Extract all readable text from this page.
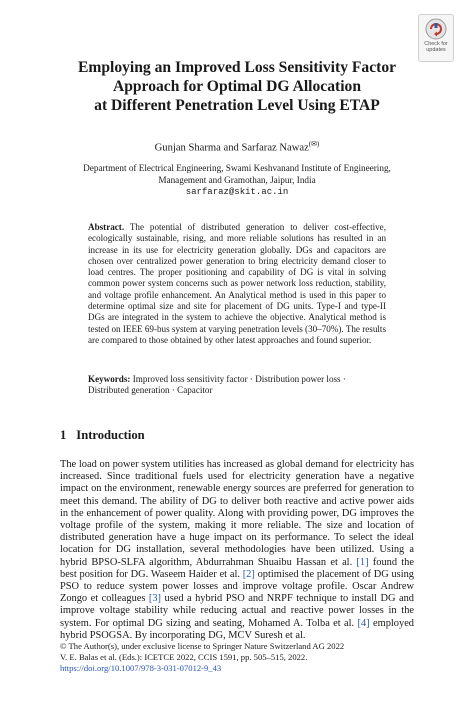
Check for
updates
Employing an Improved Loss Sensitivity Factor
Approach for Optimal DG Allocation
at Different Penetration Level Using ETAP
Gunjan Sharma and Sarfaraz Nawaz(✉)
Department of Electrical Engineering, Swami Keshvanand Institute of Engineering,
Management and Gramothan, Jaipur, India
sarfaraz@skit.ac.in
Abstract. The potential of distributed generation to deliver cost-effective, ecologically sustainable, rising, and more reliable solutions has resulted in an increase in its use for electricity generation globally. DGs and capacitors are chosen over centralized power generation to bring electricity demand closer to load centres. The proper positioning and capability of DG is vital in solving common power system concerns such as power network loss reduction, stability, and voltage profile enhancement. An Analytical method is used in this paper to determine optimal size and site for placement of DG units. Type-I and type-II DGs are integrated in the system to achieve the objective. Analytical method is tested on IEEE 69-bus system at varying penetration levels (30–70%). The results are compared to those obtained by other latest approaches and found superior.
Keywords: Improved loss sensitivity factor · Distribution power loss · Distributed generation · Capacitor
1 Introduction
The load on power system utilities has increased as global demand for electricity has increased. Since traditional fuels used for electricity generation have a negative impact on the environment, renewable energy sources are preferred for generation to meet this demand. The ability of DG to deliver both reactive and active power aids in the enhancement of power quality. Along with providing power, DG improves the voltage profile of the system, making it more reliable. The size and location of distributed generation have a huge impact on its performance. To select the ideal location for DG installation, several methodologies have been utilized. Using a hybrid BPSO-SLFA algorithm, Abdurrahman Shuaibu Hassan et al. [1] found the best position for DG. Waseem Haider et al. [2] optimised the placement of DG using PSO to reduce system power losses and improve voltage profile. Oscar Andrew Zongo et colleagues [3] used a hybrid PSO and NRPF technique to install DG and improve voltage stability while reducing actual and reactive power losses in the system. For optimal DG sizing and seating, Mohamed A. Tolba et al. [4] employed hybrid PSOGSA. By incorporating DG, MCV Suresh et al.
© The Author(s), under exclusive license to Springer Nature Switzerland AG 2022
V. E. Balas et al. (Eds.): ICETCE 2022, CCIS 1591, pp. 505–515, 2022.
https://doi.org/10.1007/978-3-031-07012-9_43
